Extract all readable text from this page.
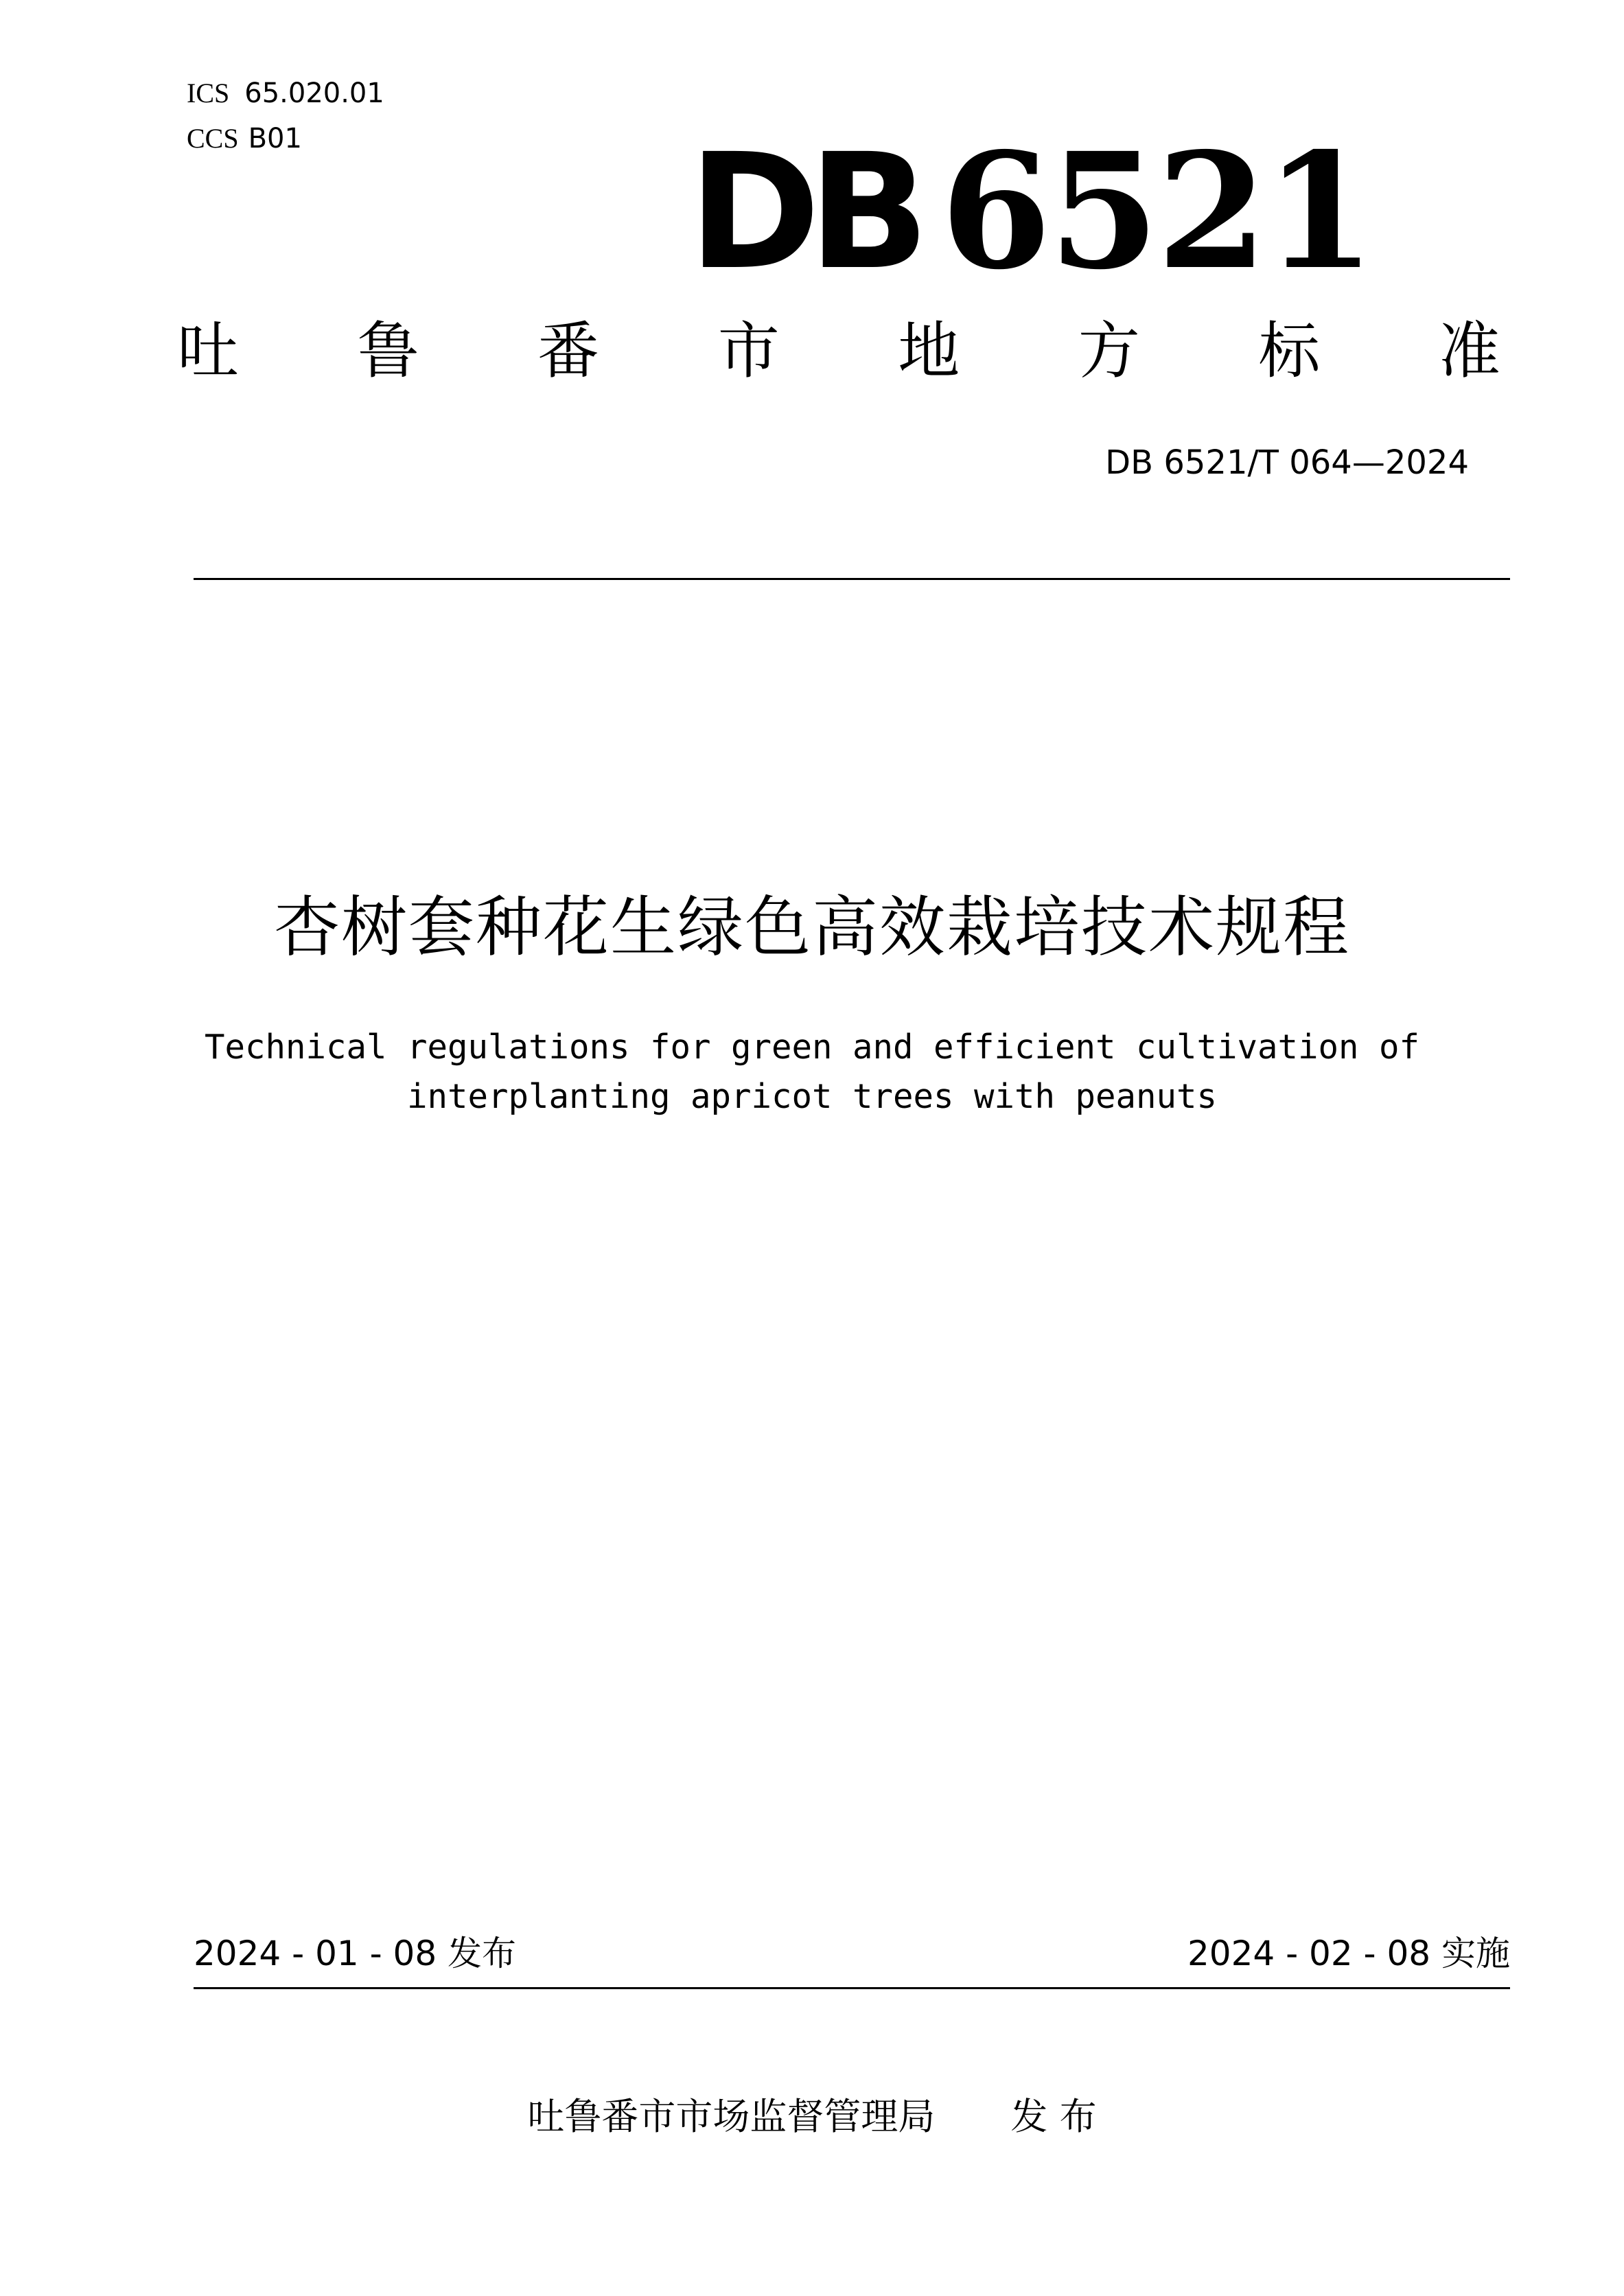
ICS 65.020.01
CCS B01 DB 6521
吐 鲁 番 市 地 方 标 准
DB 6521/T 064—2024
杏树套种花生绿色高效栽培技术规程
Technical regulations for green and efficient cultivation of
interplanting apricot trees with peanuts
2024 - 01 - 08 发布	2024 - 02 - 08 实施
吐鲁番市市场监督管理局 发 布
